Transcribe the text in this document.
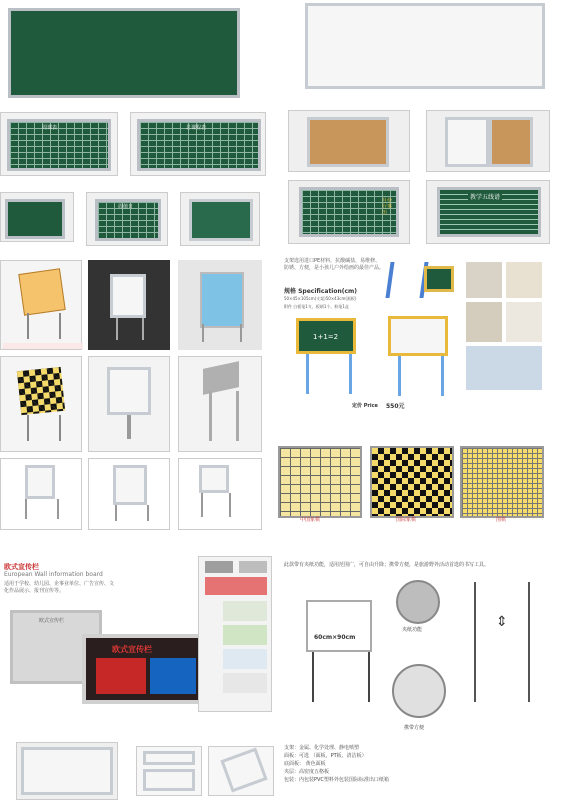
周课表	总课程表
周值日
月份行事历
教学五线谱
支架选用进口PE材料，抗酸碱盐，易维修、防锈、方便，是小孩儿户外绘画的最佳产品。
规格 Specification(cm)
50×45×105cm(支架)50×43cm(画板)
附件 白板笔1支、板刷1个、粉笔1盒
1+1=2
定价 Price 550元
中国象棋	国际象棋	围棋
欧式宣传栏
European Wall information board
适用于学校、幼儿园、企事业单位、广告宣传、文化作品展示、报刊宣传等。
欧式宣传栏
欧式宣传栏
此款带有夹纸功能，适用范围广，可自由升降；携带方便，是旅游野外活动首选的书写工具。
60cm×90cm
夹纸功能
携带方便
⇕
支架：金属、化学处理、静电喷塑
面板：可选 （面板、PT板、清洁板）
底面板： 黄色面板
夹层：高密度五格板
包装：内包装PVC塑料外包装国际标准出口纸箱
